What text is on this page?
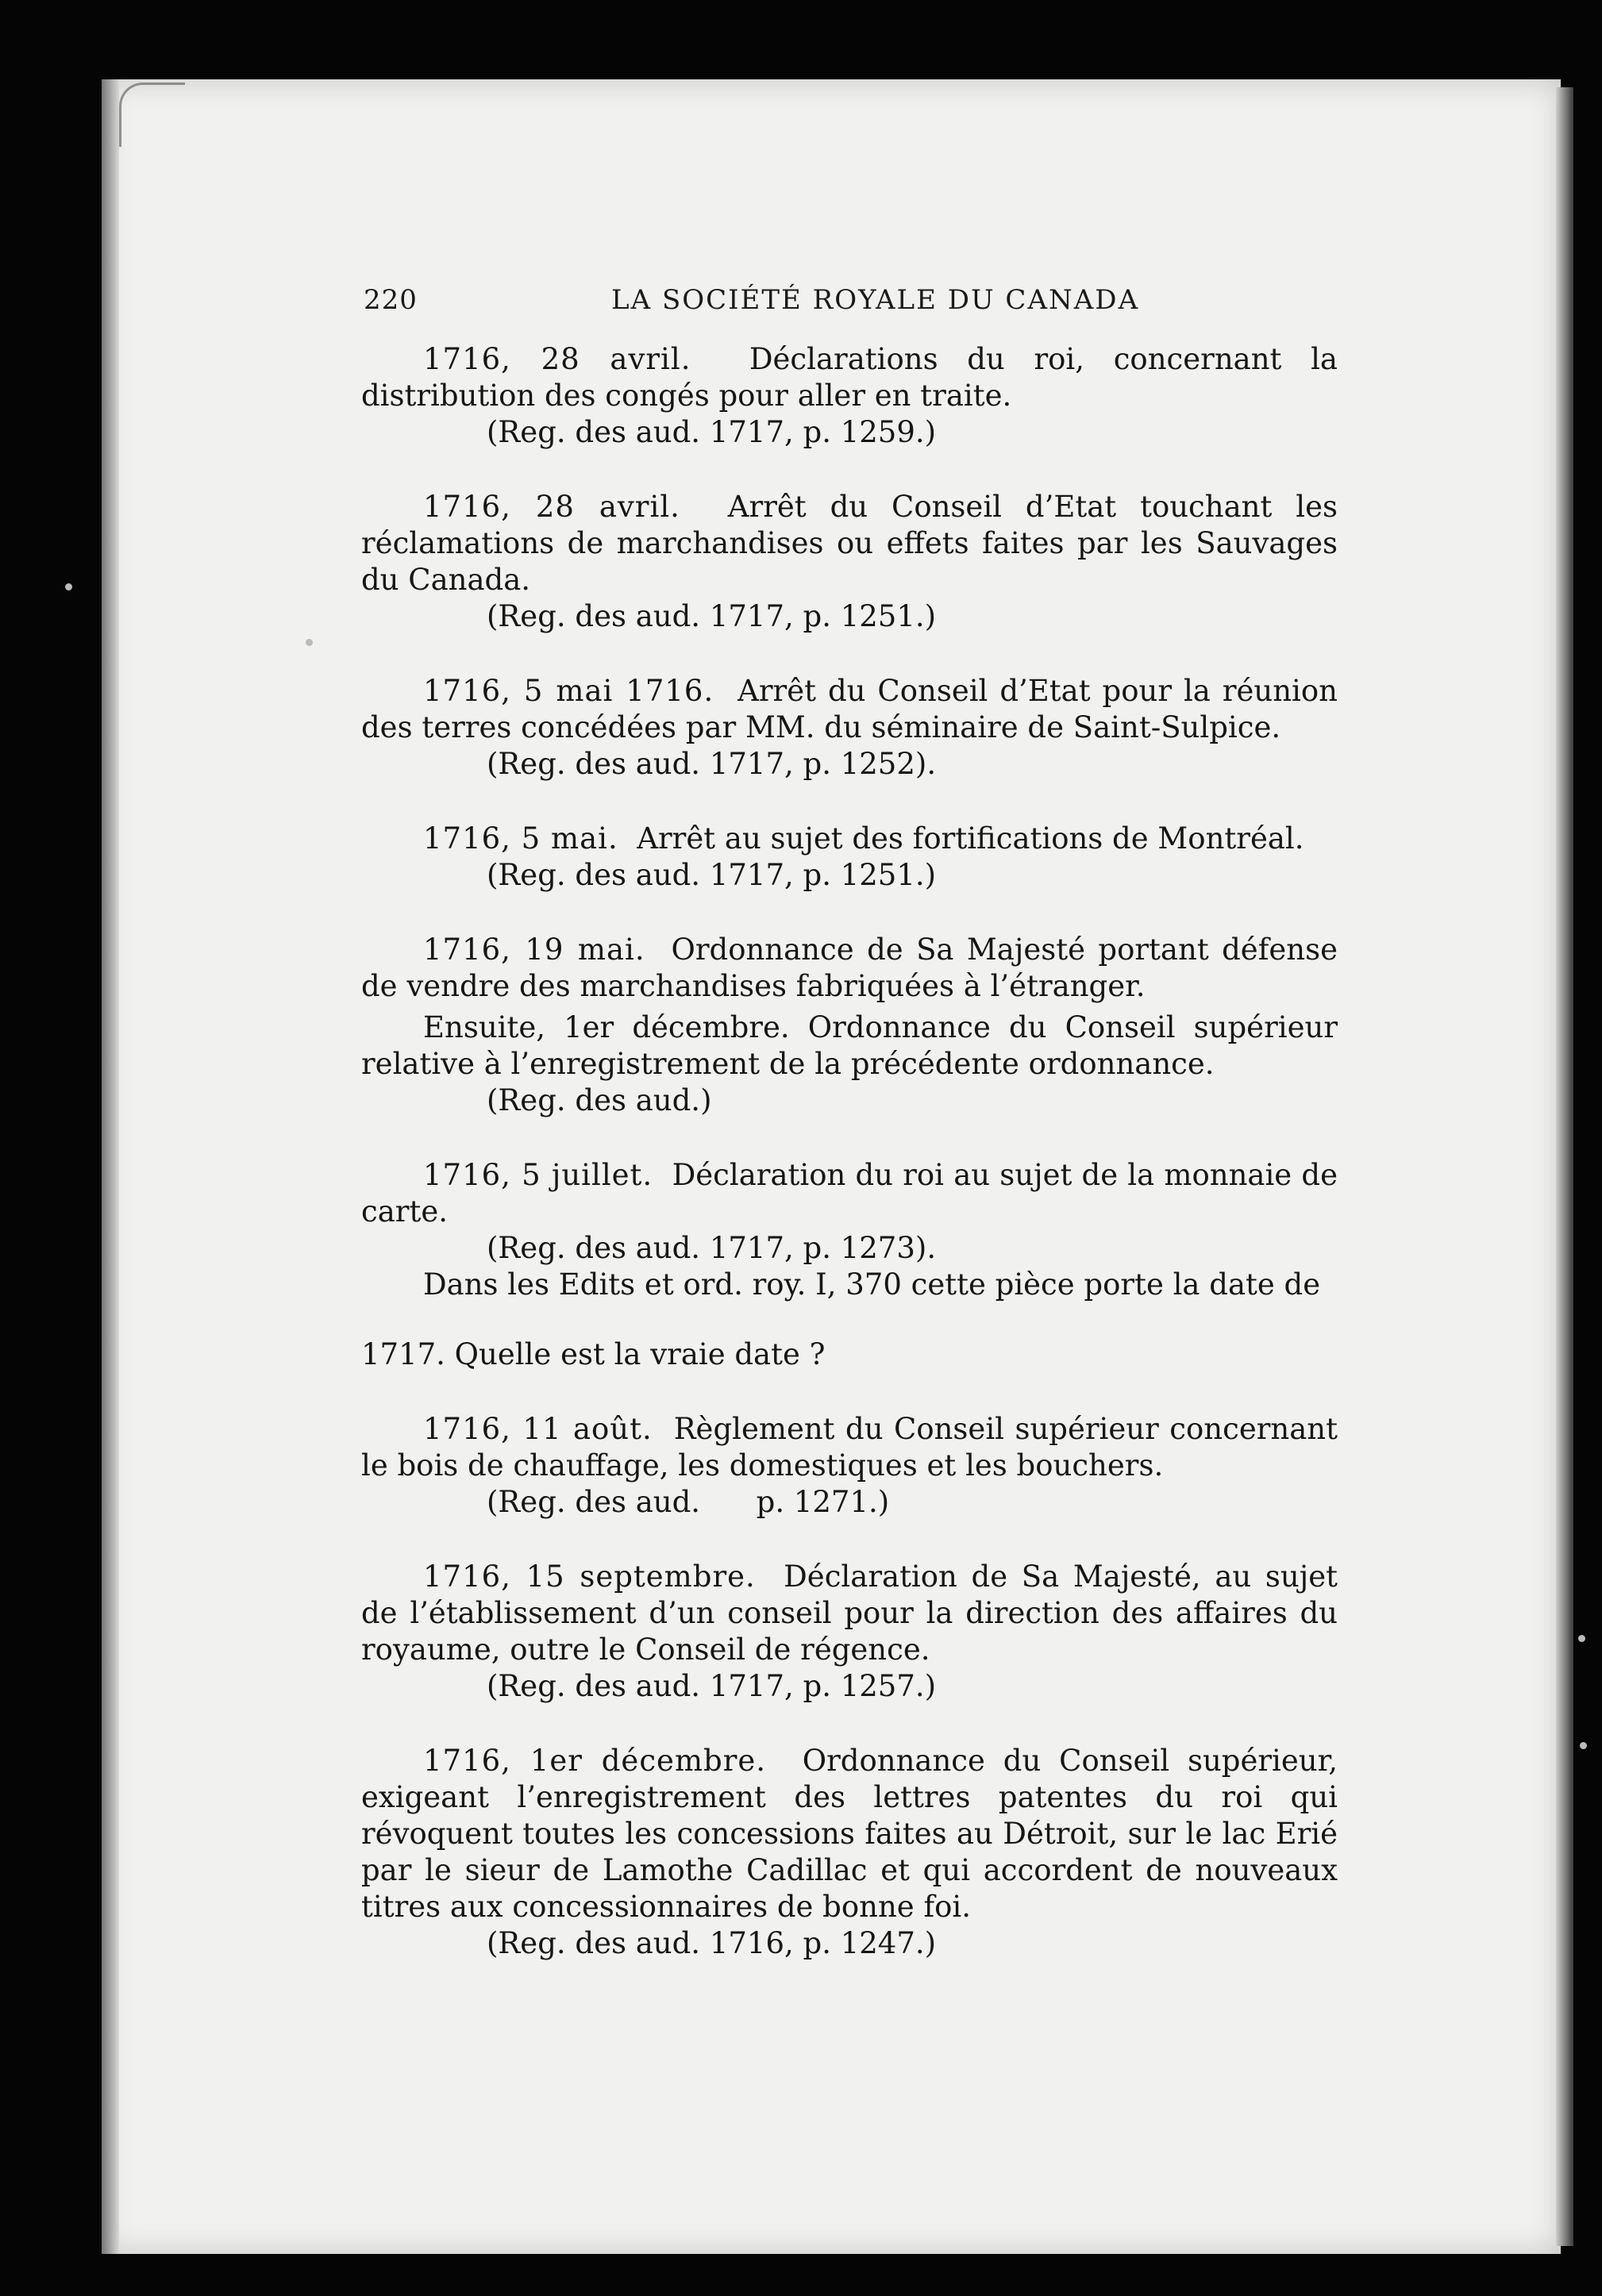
220	LA SOCIÉTÉ ROYALE DU CANADA

1716, 28 avril. Déclarations du roi, concernant la distribution des congés pour aller en traite.

(Reg. des aud. 1717, p. 1259.)

1716, 28 avril. Arrêt du Conseil d’Etat touchant les réclamations de marchandises ou effets faites par les Sauvages du Canada.

(Reg. des aud. 1717, p. 1251.)

1716, 5 mai 1716. Arrêt du Conseil d’Etat pour la réunion des terres concédées par MM. du séminaire de Saint-Sulpice.

(Reg. des aud. 1717, p. 1252).

1716, 5 mai. Arrêt au sujet des fortifications de Montréal.

(Reg. des aud. 1717, p. 1251.)

1716, 19 mai. Ordonnance de Sa Majesté portant défense de vendre des marchandises fabriquées à l’étranger.

Ensuite, 1er décembre. Ordonnance du Conseil supérieur relative à l’enregistrement de la précédente ordonnance.

(Reg. des aud.)

1716, 5 juillet. Déclaration du roi au sujet de la monnaie de carte.

(Reg. des aud. 1717, p. 1273).

Dans les Edits et ord. roy. I, 370 cette pièce porte la date de

1717. Quelle est la vraie date ?

1716, 11 août. Règlement du Conseil supérieur concernant le bois de chauffage, les domestiques et les bouchers.

(Reg. des aud.      p. 1271.)

1716, 15 septembre. Déclaration de Sa Majesté, au sujet de l’établissement d’un conseil pour la direction des affaires du royaume, outre le Conseil de régence.

(Reg. des aud. 1717, p. 1257.)

1716, 1er décembre. Ordonnance du Conseil supérieur, exigeant l’enregistrement des lettres patentes du roi qui révoquent toutes les concessions faites au Détroit, sur le lac Erié par le sieur de Lamothe Cadillac et qui accordent de nouveaux titres aux concessionnaires de bonne foi.

(Reg. des aud. 1716, p. 1247.)
